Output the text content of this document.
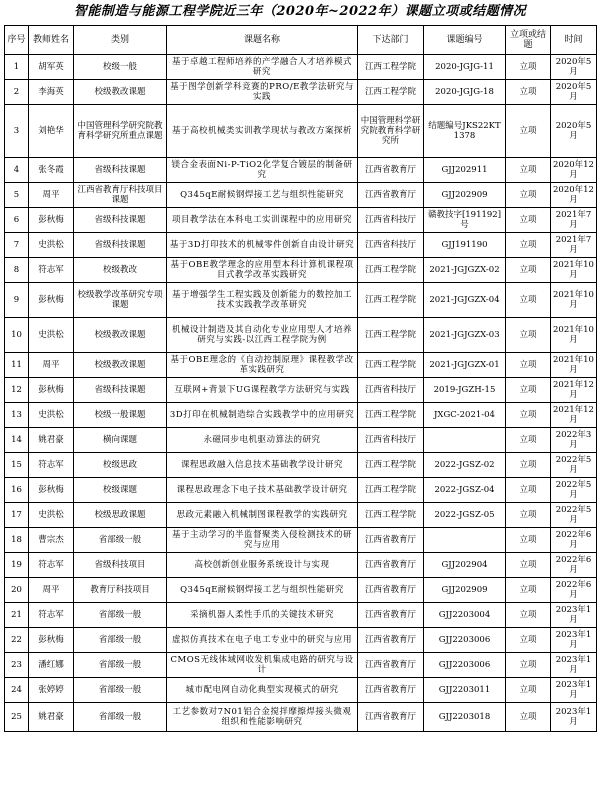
智能制造与能源工程学院近三年（2020年~2022年）课题立项或结题情况
序号	教师姓名	类别	课题名称	下达部门	课题编号	立项或结题	时间
1	胡军英	校级一般	基于卓越工程师培养的产学融合人才培养模式研究	江西工程学院	2020-JGJG-11	立项	2020年5月
2	李海英	校级教改课题	基于图学创新学科竞赛的PRO/E教学法研究与实践	江西工程学院	2020-JGJG-18	立项	2020年5月
3	刘艳华	中国管理科学研究院教育科学研究所重点课题	基于高校机械类实训教学现状与教改方案探析	中国管理科学研究院教育科学研究所	结题编号JKS22KT1378	立项	2020年5月
4	张冬霞	省级科技课题	镁合金表面Ni-P-TiO2化学复合镀层的制备研究	江西省教育厅	GJJ202911	立项	2020年12月
5	周平	江西省教育厅科技项目课题	Q345qE耐候钢焊接工艺与组织性能研究	江西省教育厅	GJJ202909	立项	2020年12月
6	彭秋梅	省级科技课题	项目教学法在本科电工实训课程中的应用研究	江西省科技厅	赣教技字[191192]号	立项	2021年7月
7	史洪松	省级科技课题	基于3D打印技术的机械零件创新自由设计研究	江西省科技厅	GJJ191190	立项	2021年7月
8	符志军	校级教改	基于OBE教学理念的应用型本科计算机课程项目式教学改革实践研究	江西工程学院	2021-JGJGZX-02	立项	2021年10月
9	彭秋梅	校级教学改革研究专项课题	基于增强学生工程实践及创新能力的数控加工技术实践教学改革研究	江西工程学院	2021-JGJGZX-04	立项	2021年10月
10	史洪松	校级教改课题	机械设计制造及其自动化专业应用型人才培养研究与实践-以江西工程学院为例	江西工程学院	2021-JGJGZX-03	立项	2021年10月
11	周平	校级教改课题	基于OBE理念的《自动控制原理》课程教学改革实践研究	江西工程学院	2021-JGJGZX-01	立项	2021年10月
12	彭秋梅	省级科技课题	互联网+背景下UG课程教学方法研究与实践	江西省科技厅	2019-JGZH-15	立项	2021年12月
13	史洪松	校级一般课题	3D打印在机械制造综合实践教学中的应用研究	江西工程学院	JXGC-2021-04	立项	2021年12月
14	姚君豪	横向课题	永磁同步电机驱动算法的研究	江西省科技厅		立项	2022年3月
15	符志军	校级思政	课程思政融入信息技术基础教学设计研究	江西工程学院	2022-JGSZ-02	立项	2022年5月
16	彭秋梅	校级课题	课程思政理念下电子技术基础教学设计研究	江西工程学院	2022-JGSZ-04	立项	2022年5月
17	史洪松	校级思政课题	思政元素融入机械制图课程教学的实践研究	江西工程学院	2022-JGSZ-05	立项	2022年5月
18	曹宗杰	省部级一般	基于主动学习的半监督聚类入侵检测技术的研究与应用	江西省教育厅		立项	2022年6月
19	符志军	省级科技项目	高校创新创业服务系统设计与实现	江西省教育厅	GJJ202904	立项	2022年6月
20	周平	教育厅科技项目	Q345qE耐候钢焊接工艺与组织性能研究	江西省教育厅	GJJ202909	立项	2022年6月
21	符志军	省部级一般	采摘机器人柔性手爪的关键技术研究	江西省教育厅	GJJ2203004	立项	2023年1月
22	彭秋梅	省部级一般	虚拟仿真技术在电子电工专业中的研究与应用	江西省教育厅	GJJ2203006	立项	2023年1月
23	潘红娜	省部级一般	CMOS无线体域网收发机集成电路的研究与设计	江西省教育厅	GJJ2203006	立项	2023年1月
24	张婷婷	省部级一般	城市配电网自动化典型实现模式的研究	江西省教育厅	GJJ2203011	立项	2023年1月
25	姚君豪	省部级一般	工艺参数对7N01铝合金搅拌摩擦焊接头微观组织和性能影响研究	江西省教育厅	GJJ2203018	立项	2023年1月
